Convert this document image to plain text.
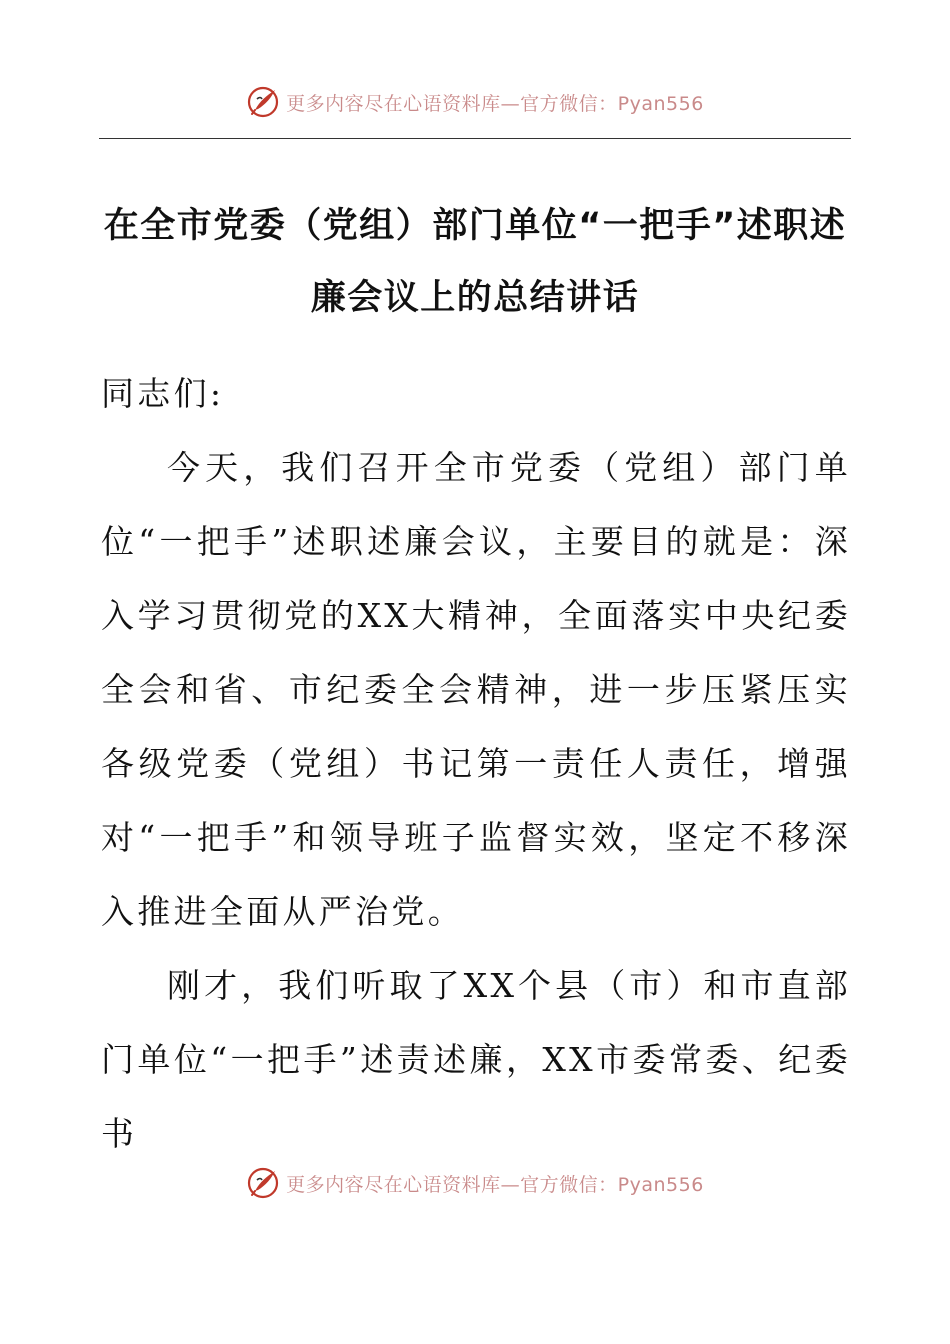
更多内容尽在心语资料库—官方微信：Pyan556
在全市党委（党组）部门单位“一把手”述职述廉会议上的总结讲话

同志们:

今天，我们召开全市党委（党组）部门单位“一把手”述职述廉会议，主要目的就是：深入学习贯彻党的XX大精神，全面落实中央纪委全会和省、市纪委全会精神，进一步压紧压实各级党委（党组）书记第一责任人责任，增强对“一把手”和领导班子监督实效，坚定不移深入推进全面从严治党。

刚才，我们听取了XX个县（市）和市直部门单位“一把手”述责述廉，XX市委常委、纪委书

更多内容尽在心语资料库—官方微信：Pyan556
